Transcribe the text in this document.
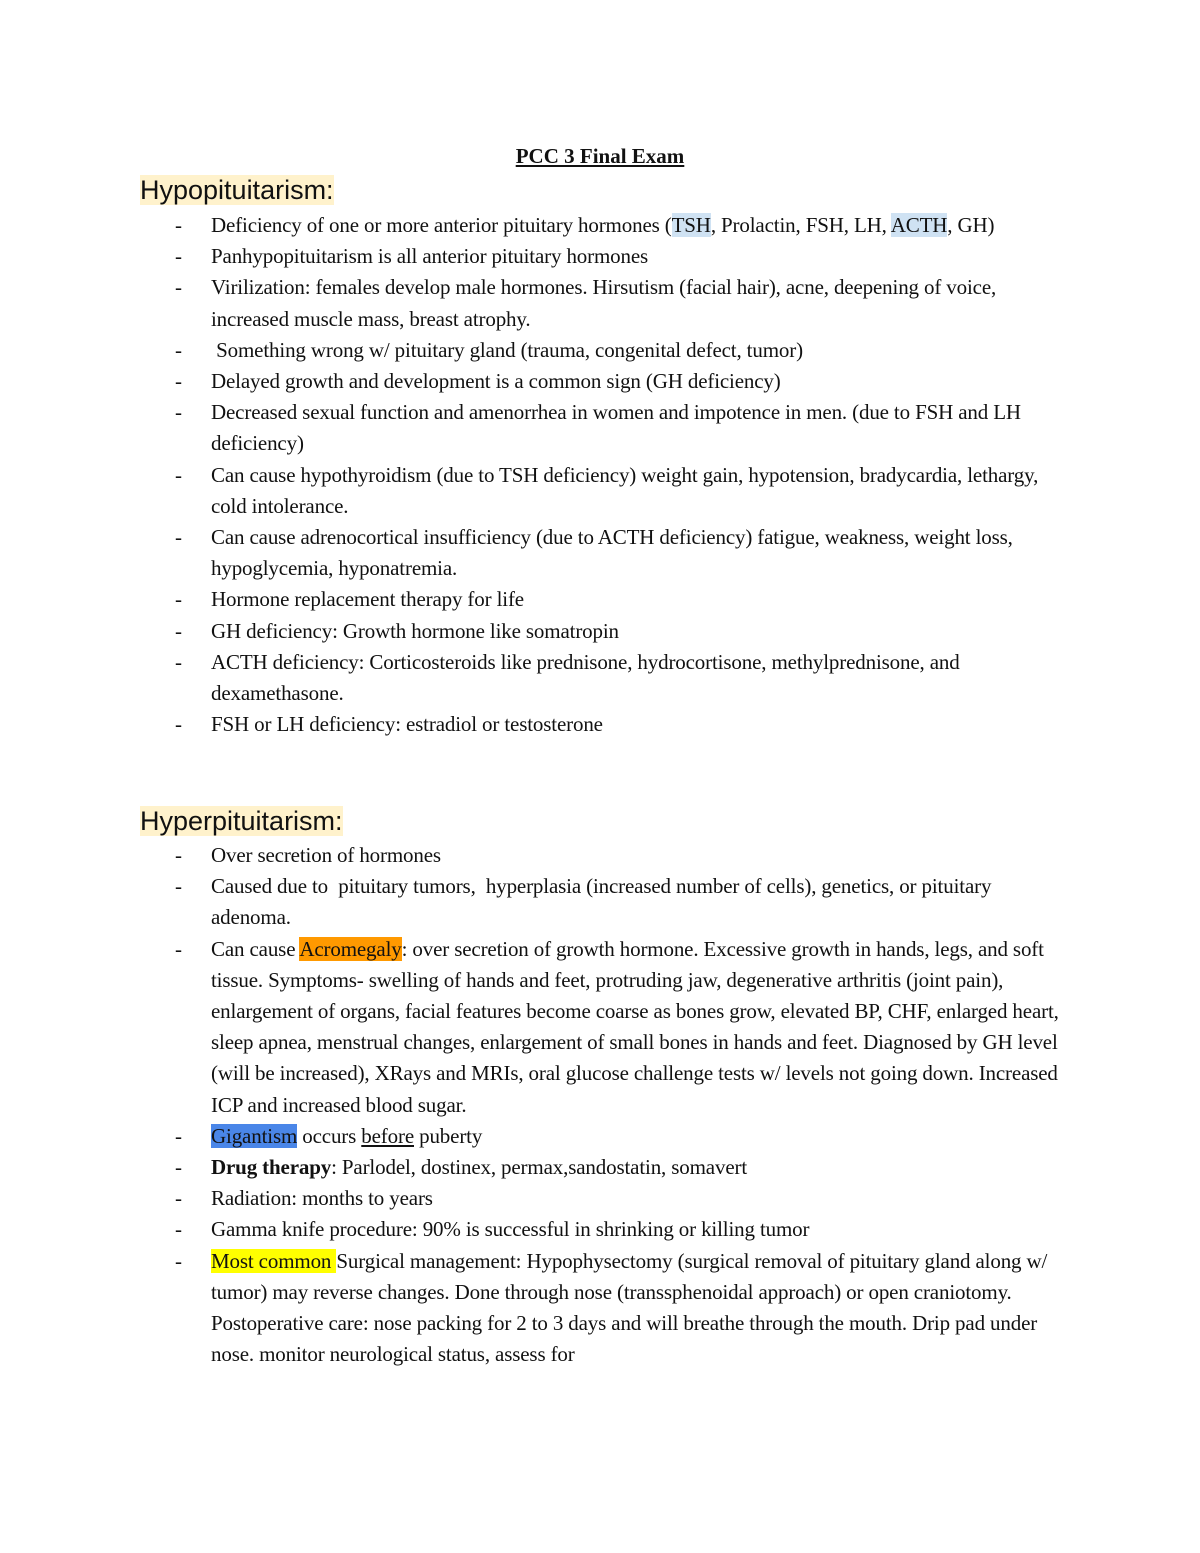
PCC 3 Final Exam
Hypopituitarism:
- Deficiency of one or more anterior pituitary hormones (TSH, Prolactin, FSH, LH, ACTH, GH)
- Panhypopituitarism is all anterior pituitary hormones
- Virilization: females develop male hormones. Hirsutism (facial hair), acne, deepening of voice, increased muscle mass, breast atrophy.
-  Something wrong w/ pituitary gland (trauma, congenital defect, tumor)
- Delayed growth and development is a common sign (GH deficiency)
- Decreased sexual function and amenorrhea in women and impotence in men. (due to FSH and LH deficiency)
- Can cause hypothyroidism (due to TSH deficiency) weight gain, hypotension, bradycardia, lethargy, cold intolerance.
- Can cause adrenocortical insufficiency (due to ACTH deficiency) fatigue, weakness, weight loss, hypoglycemia, hyponatremia.
- Hormone replacement therapy for life
- GH deficiency: Growth hormone like somatropin
- ACTH deficiency: Corticosteroids like prednisone, hydrocortisone, methylprednisone, and dexamethasone.
- FSH or LH deficiency: estradiol or testosterone
Hyperpituitarism:
- Over secretion of hormones
- Caused due to  pituitary tumors,  hyperplasia (increased number of cells), genetics, or pituitary adenoma.
- Can cause Acromegaly: over secretion of growth hormone. Excessive growth in hands, legs, and soft tissue. Symptoms- swelling of hands and feet, protruding jaw, degenerative arthritis (joint pain), enlargement of organs, facial features become coarse as bones grow, elevated BP, CHF, enlarged heart, sleep apnea, menstrual changes, enlargement of small bones in hands and feet. Diagnosed by GH level (will be increased), XRays and MRIs, oral glucose challenge tests w/ levels not going down. Increased ICP and increased blood sugar.
- Gigantism occurs before puberty
- Drug therapy: Parlodel, dostinex, permax,sandostatin, somavert
- Radiation: months to years
- Gamma knife procedure: 90% is successful in shrinking or killing tumor
- Most common Surgical management: Hypophysectomy (surgical removal of pituitary gland along w/ tumor) may reverse changes. Done through nose (transsphenoidal approach) or open craniotomy.  Postoperative care: nose packing for 2 to 3 days and will breathe through the mouth. Drip pad under nose. monitor neurological status, assess for
